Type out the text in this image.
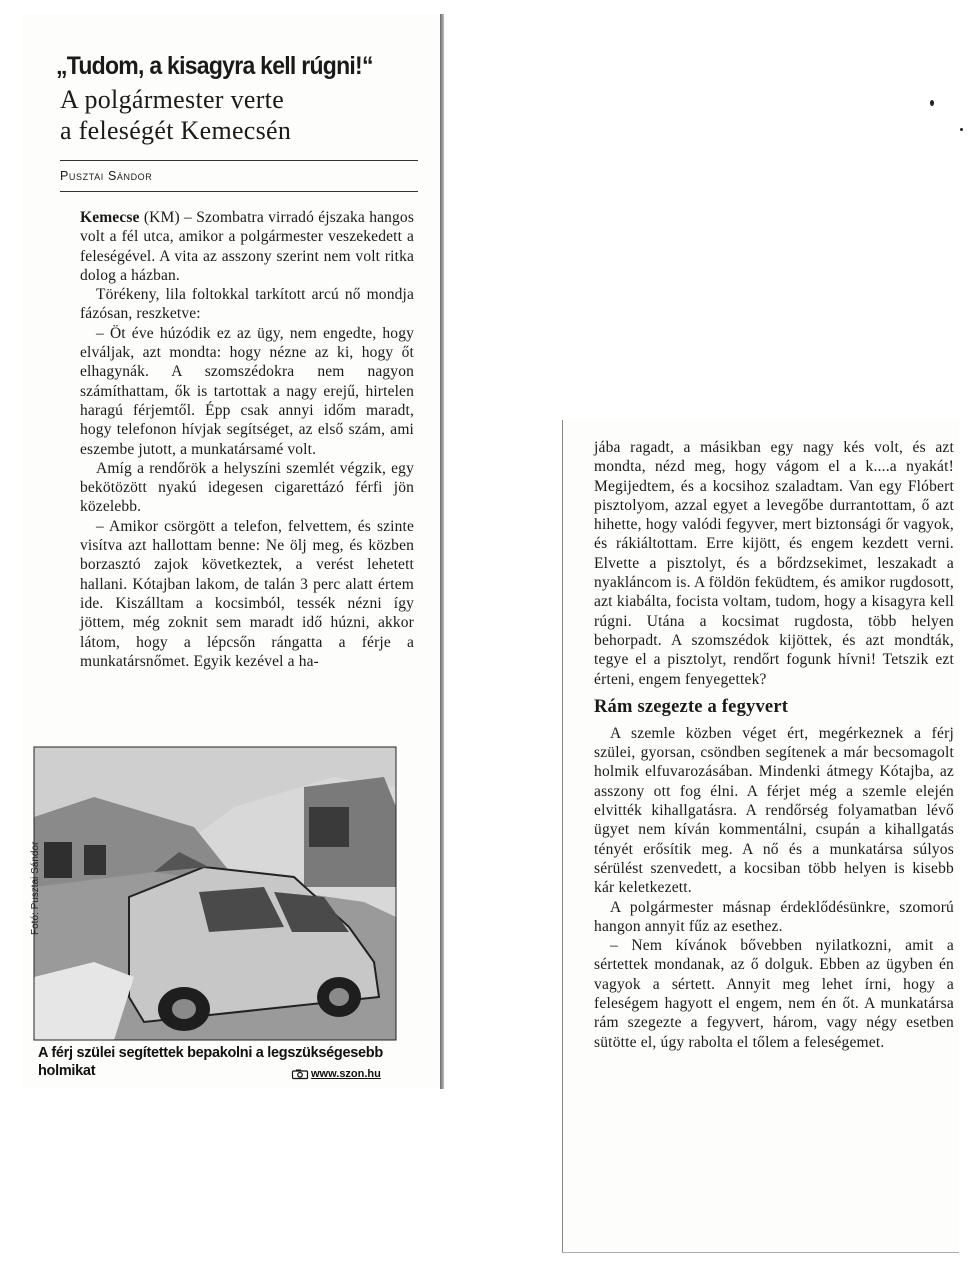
„Tudom, a kisagyra kell rúgni!“
A polgármester verte
a feleségét Kemecsén
Pusztai Sándor

Kemecse (KM) – Szombatra virradó éjszaka hangos volt a fél utca, amikor a polgármester veszekedett a feleségével. A vita az asszony szerint nem volt ritka dolog a házban.

Törékeny, lila foltokkal tarkított arcú nő mondja fázósan, reszketve:

– Öt éve húzódik ez az ügy, nem engedte, hogy elváljak, azt mondta: hogy nézne az ki, hogy őt elhagynák. A szomszédokra nem nagyon számíthattam, ők is tartottak a nagy erejű, hirtelen haragú férjemtől. Épp csak annyi időm maradt, hogy telefonon hívjak segítséget, az első szám, ami eszembe jutott, a munkatársamé volt.

Amíg a rendőrök a helyszíni szemlét végzik, egy bekötözött nyakú idegesen cigarettázó férfi jön közelebb.

– Amikor csörgött a telefon, felvettem, és szinte visítva azt hallottam benne: Ne ölj meg, és közben borzasztó zajok következtek, a verést lehetett hallani. Kótajban lakom, de talán 3 perc alatt értem ide. Kiszálltam a kocsimból, tessék nézni így jöttem, még zoknit sem maradt idő húzni, akkor látom, hogy a lépcsőn rángatta a férje a munkatársnőmet. Egyik kezével a ha-

Fotó: Pusztai Sándor
A férj szülei segítettek bepakolni a legszükségesebb holmikat	www.szon.hu

jába ragadt, a másikban egy nagy kés volt, és azt mondta, nézd meg, hogy vágom el a k....a nyakát! Megijedtem, és a kocsihoz szaladtam. Van egy Flóbert pisztolyom, azzal egyet a levegőbe durrantottam, ő azt hihette, hogy valódi fegyver, mert biztonsági őr vagyok, és rákiáltottam. Erre kijött, és engem kezdett verni. Elvette a pisztolyt, és a bőrdzsekimet, leszakadt a nyakláncom is. A földön feküdtem, és amikor rugdosott, azt kiabálta, focista voltam, tudom, hogy a kisagyra kell rúgni. Utána a kocsimat rugdosta, több helyen behorpadt. A szomszédok kijöttek, és azt mondták, tegye el a pisztolyt, rendőrt fogunk hívni! Tetszik ezt érteni, engem fenyegettek?

Rám szegezte a fegyvert

A szemle közben véget ért, megérkeznek a férj szülei, gyorsan, csöndben segítenek a már becsomagolt holmik elfuvarozásában. Mindenki átmegy Kótajba, az asszony ott fog élni. A férjet még a szemle elején elvitték kihallgatásra. A rendőrség folyamatban lévő ügyet nem kíván kommentálni, csupán a kihallgatás tényét erősítik meg. A nő és a munkatársa súlyos sérülést szenvedett, a kocsiban több helyen is kisebb kár keletkezett.

A polgármester másnap érdeklődésünkre, szomorú hangon annyit fűz az esethez.

– Nem kívánok bővebben nyilatkozni, amit a sértettek mondanak, az ő dolguk. Ebben az ügyben én vagyok a sértett. Annyit meg lehet írni, hogy a feleségem hagyott el engem, nem én őt. A munkatársa rám szegezte a fegyvert, három, vagy négy esetben sütötte el, úgy rabolta el tőlem a feleségemet.
